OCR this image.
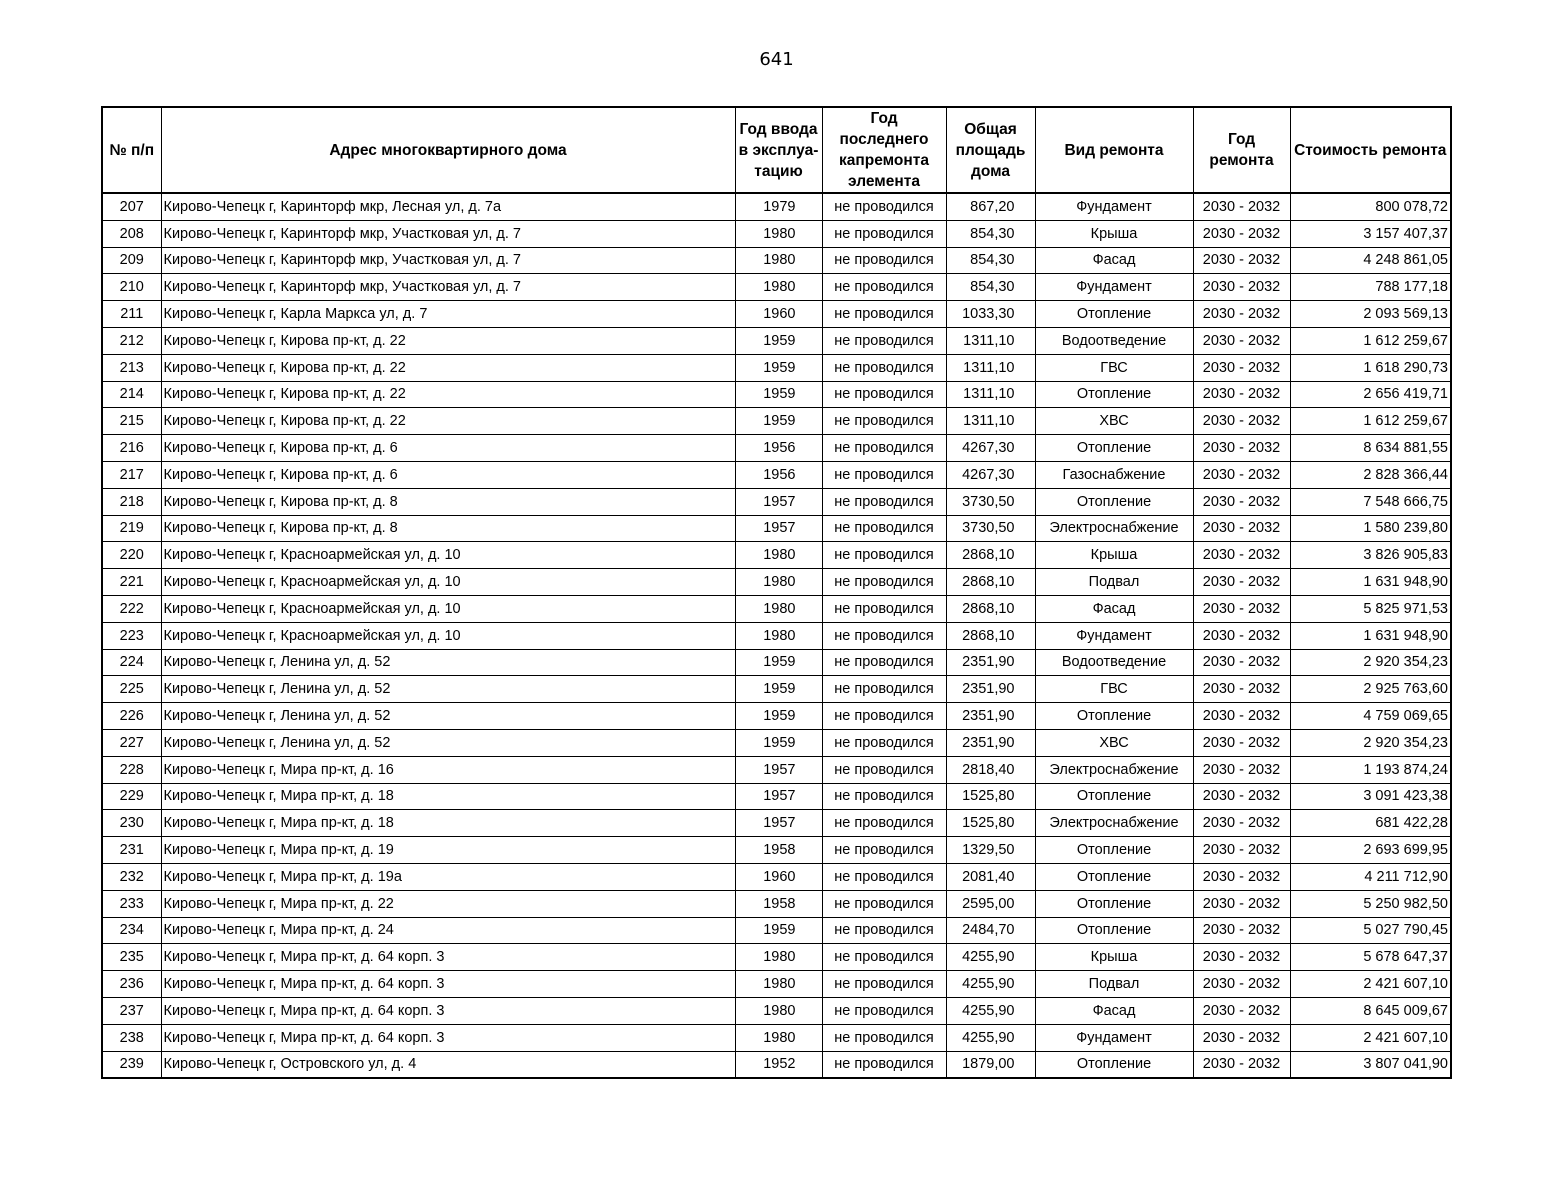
641
№ п/п	Адрес многоквартирного дома	Год ввода в эксплуа-тацию	Год последнего капремонта элемента	Общая площадь дома	Вид ремонта	Год ремонта	Стоимость ремонта
207	Кирово-Чепецк г, Каринторф мкр, Лесная ул, д. 7а	1979	не проводился	867,20	Фундамент	2030 - 2032	800 078,72
208	Кирово-Чепецк г, Каринторф мкр, Участковая ул, д. 7	1980	не проводился	854,30	Крыша	2030 - 2032	3 157 407,37
209	Кирово-Чепецк г, Каринторф мкр, Участковая ул, д. 7	1980	не проводился	854,30	Фасад	2030 - 2032	4 248 861,05
210	Кирово-Чепецк г, Каринторф мкр, Участковая ул, д. 7	1980	не проводился	854,30	Фундамент	2030 - 2032	788 177,18
211	Кирово-Чепецк г, Карла Маркса ул, д. 7	1960	не проводился	1033,30	Отопление	2030 - 2032	2 093 569,13
212	Кирово-Чепецк г, Кирова пр-кт, д. 22	1959	не проводился	1311,10	Водоотведение	2030 - 2032	1 612 259,67
213	Кирово-Чепецк г, Кирова пр-кт, д. 22	1959	не проводился	1311,10	ГВС	2030 - 2032	1 618 290,73
214	Кирово-Чепецк г, Кирова пр-кт, д. 22	1959	не проводился	1311,10	Отопление	2030 - 2032	2 656 419,71
215	Кирово-Чепецк г, Кирова пр-кт, д. 22	1959	не проводился	1311,10	ХВС	2030 - 2032	1 612 259,67
216	Кирово-Чепецк г, Кирова пр-кт, д. 6	1956	не проводился	4267,30	Отопление	2030 - 2032	8 634 881,55
217	Кирово-Чепецк г, Кирова пр-кт, д. 6	1956	не проводился	4267,30	Газоснабжение	2030 - 2032	2 828 366,44
218	Кирово-Чепецк г, Кирова пр-кт, д. 8	1957	не проводился	3730,50	Отопление	2030 - 2032	7 548 666,75
219	Кирово-Чепецк г, Кирова пр-кт, д. 8	1957	не проводился	3730,50	Электроснабжение	2030 - 2032	1 580 239,80
220	Кирово-Чепецк г, Красноармейская ул, д. 10	1980	не проводился	2868,10	Крыша	2030 - 2032	3 826 905,83
221	Кирово-Чепецк г, Красноармейская ул, д. 10	1980	не проводился	2868,10	Подвал	2030 - 2032	1 631 948,90
222	Кирово-Чепецк г, Красноармейская ул, д. 10	1980	не проводился	2868,10	Фасад	2030 - 2032	5 825 971,53
223	Кирово-Чепецк г, Красноармейская ул, д. 10	1980	не проводился	2868,10	Фундамент	2030 - 2032	1 631 948,90
224	Кирово-Чепецк г, Ленина ул, д. 52	1959	не проводился	2351,90	Водоотведение	2030 - 2032	2 920 354,23
225	Кирово-Чепецк г, Ленина ул, д. 52	1959	не проводился	2351,90	ГВС	2030 - 2032	2 925 763,60
226	Кирово-Чепецк г, Ленина ул, д. 52	1959	не проводился	2351,90	Отопление	2030 - 2032	4 759 069,65
227	Кирово-Чепецк г, Ленина ул, д. 52	1959	не проводился	2351,90	ХВС	2030 - 2032	2 920 354,23
228	Кирово-Чепецк г, Мира пр-кт, д. 16	1957	не проводился	2818,40	Электроснабжение	2030 - 2032	1 193 874,24
229	Кирово-Чепецк г, Мира пр-кт, д. 18	1957	не проводился	1525,80	Отопление	2030 - 2032	3 091 423,38
230	Кирово-Чепецк г, Мира пр-кт, д. 18	1957	не проводился	1525,80	Электроснабжение	2030 - 2032	681 422,28
231	Кирово-Чепецк г, Мира пр-кт, д. 19	1958	не проводился	1329,50	Отопление	2030 - 2032	2 693 699,95
232	Кирово-Чепецк г, Мира пр-кт, д. 19а	1960	не проводился	2081,40	Отопление	2030 - 2032	4 211 712,90
233	Кирово-Чепецк г, Мира пр-кт, д. 22	1958	не проводился	2595,00	Отопление	2030 - 2032	5 250 982,50
234	Кирово-Чепецк г, Мира пр-кт, д. 24	1959	не проводился	2484,70	Отопление	2030 - 2032	5 027 790,45
235	Кирово-Чепецк г, Мира пр-кт, д. 64 корп. 3	1980	не проводился	4255,90	Крыша	2030 - 2032	5 678 647,37
236	Кирово-Чепецк г, Мира пр-кт, д. 64 корп. 3	1980	не проводился	4255,90	Подвал	2030 - 2032	2 421 607,10
237	Кирово-Чепецк г, Мира пр-кт, д. 64 корп. 3	1980	не проводился	4255,90	Фасад	2030 - 2032	8 645 009,67
238	Кирово-Чепецк г, Мира пр-кт, д. 64 корп. 3	1980	не проводился	4255,90	Фундамент	2030 - 2032	2 421 607,10
239	Кирово-Чепецк г, Островского ул, д. 4	1952	не проводился	1879,00	Отопление	2030 - 2032	3 807 041,90
